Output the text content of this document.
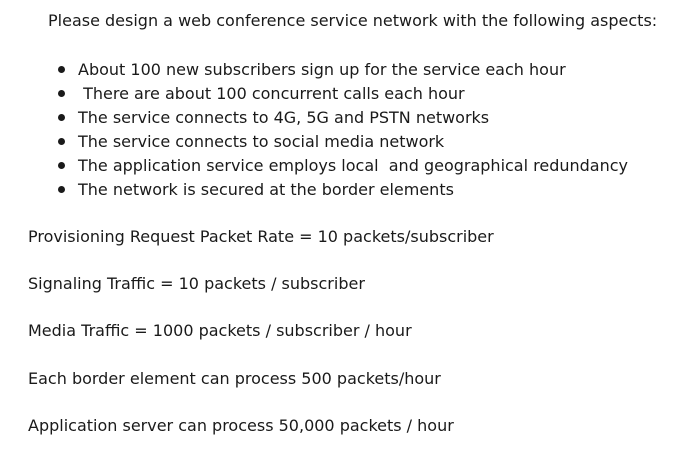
Please design a web conference service network with the following aspects:
About 100 new subscribers sign up for the service each hour
There are about 100 concurrent calls each hour
The service connects to 4G, 5G and PSTN networks
The service connects to social media network
The application service employs local  and geographical redundancy
The network is secured at the border elements
Provisioning Request Packet Rate = 10 packets/subscriber
Signaling Traffic = 10 packets / subscriber
Media Traffic = 1000 packets / subscriber / hour
Each border element can process 500 packets/hour
Application server can process 50,000 packets / hour
